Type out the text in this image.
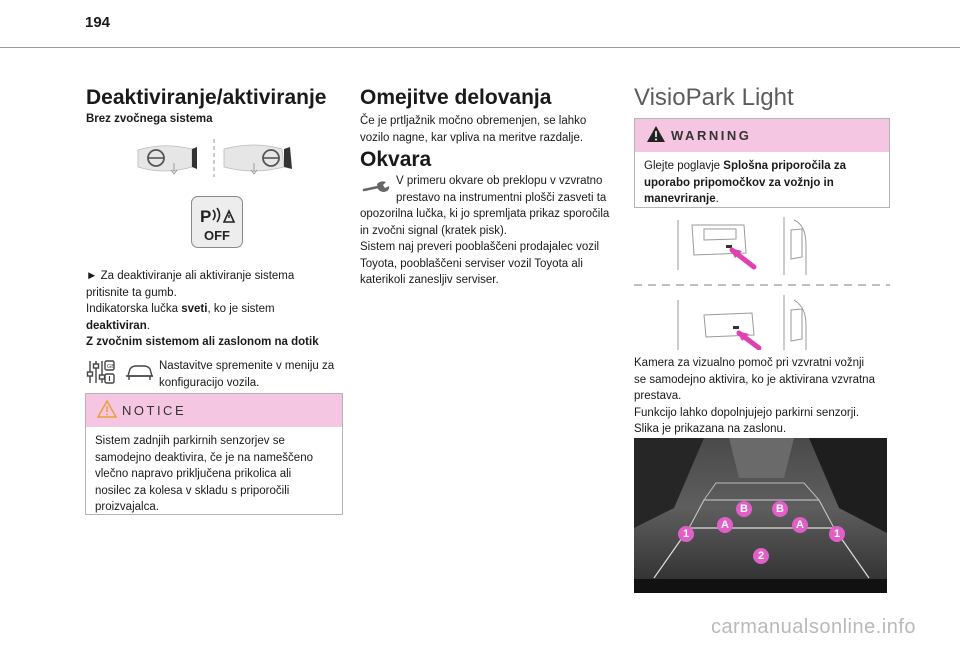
194
Deaktiviranje/aktiviranje
Brez zvočnega sistema
P
OFF
► Za deaktiviranje ali aktiviranje sistema
pritisnite ta gumb.
Indikatorska lučka sveti, ko je sistem
deaktiviran.
Z zvočnim sistemom ali zaslonom na dotik
GB	Nastavitve spremenite v meniju za konfiguracijo vozila.
NOTICE
Sistem zadnjih parkirnih senzorjev se
samodejno deaktivira, če je na nameščeno
vlečno napravo priključena prikolica ali
nosilec za kolesa v skladu s priporočili
proizvajalca.
Omejitve delovanja
Če je prtljažnik močno obremenjen, se lahko vozilo nagne, kar vpliva na meritve razdalje.
Okvara
V primeru okvare ob preklopu v vzvratno
prestavo na instrumentni plošči zasveti ta
opozorilna lučka, ki jo spremljata prikaz sporočila
in zvočni signal (kratek pisk).
Sistem naj preveri pooblaščeni prodajalec vozil
Toyota, pooblaščeni serviser vozil Toyota ali
katerikoli zanesljiv serviser.
VisioPark Light
WARNING
Glejte poglavje Splošna priporočila za uporabo pripomočkov za vožnjo in manevriranje.
Kamera za vizualno pomoč pri vzvratni vožnji
se samodejno aktivira, ko je aktivirana vzvratna
prestava.
Funkcijo lahko dopolnjujejo parkirni senzorji.
Slika je prikazana na zaslonu.
1
A
B	B
A
1
2
carmanualsonline.info
